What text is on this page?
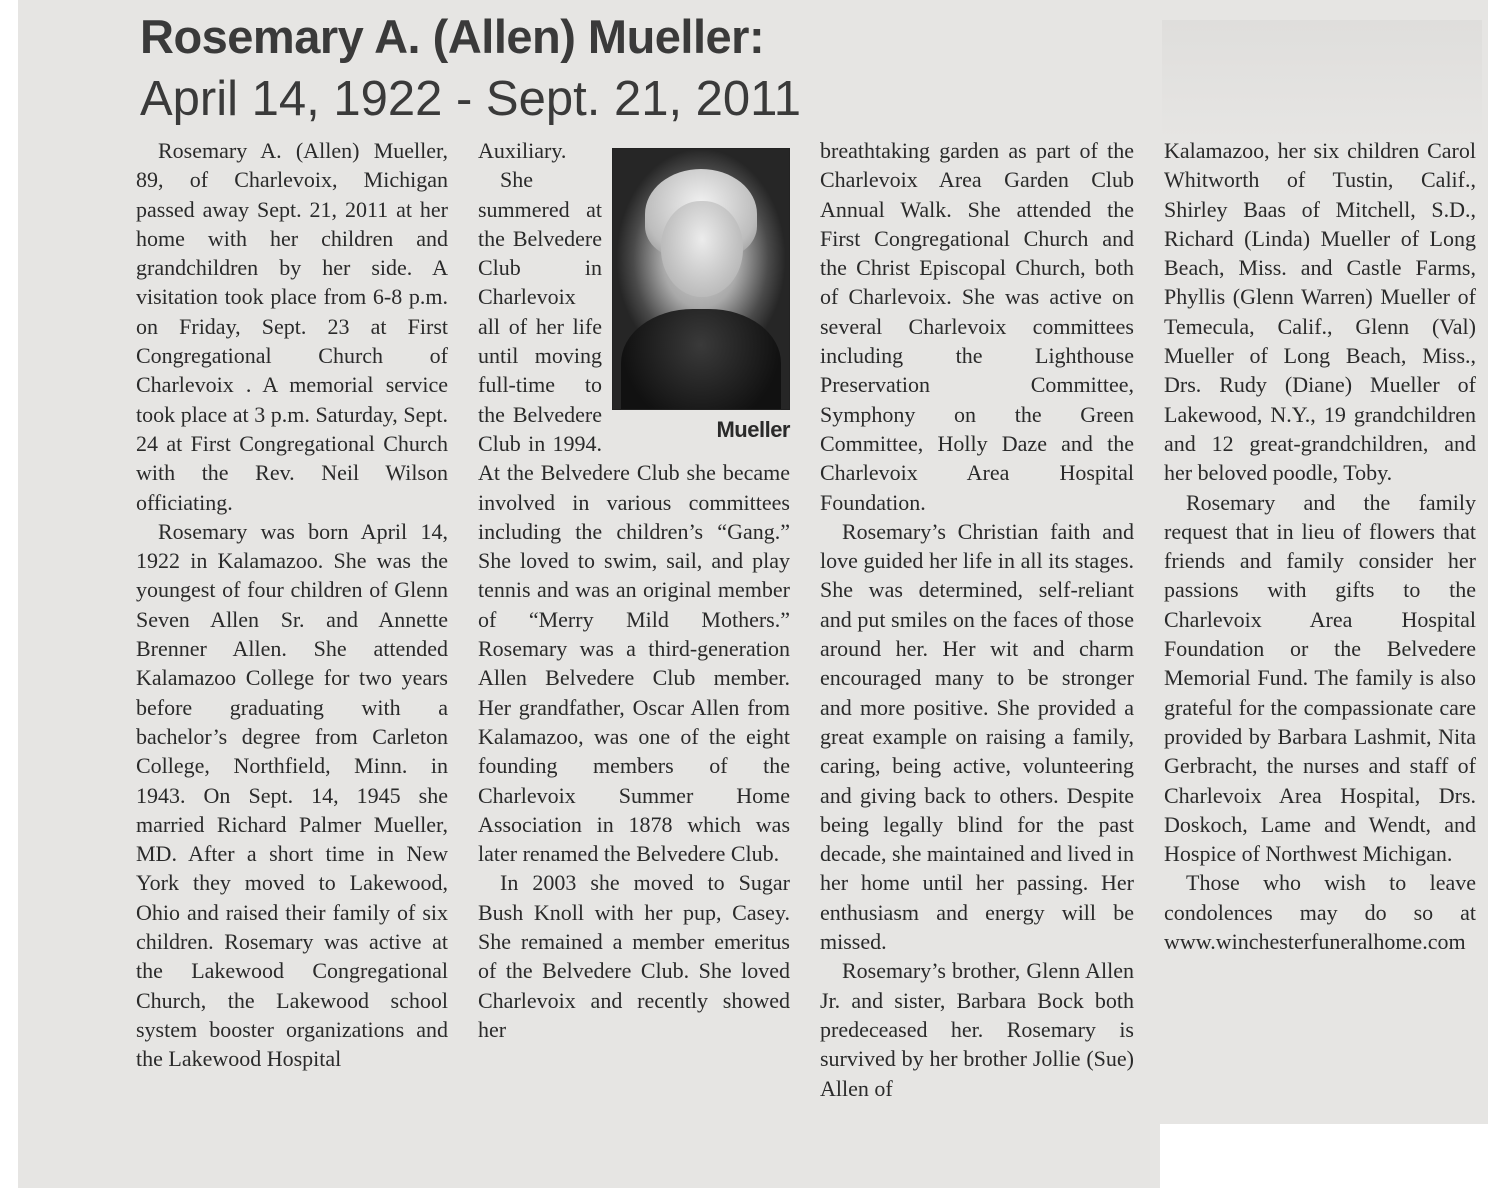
Rosemary A. (Allen) Mueller:
April 14, 1922 - Sept. 21, 2011

Rosemary A. (Allen) Mueller, 89, of Charlevoix, Michigan passed away Sept. 21, 2011 at her home with her children and grandchildren by her side. A visitation took place from 6-8 p.m. on Friday, Sept. 23 at First Congregational Church of Charlevoix . A memorial service took place at 3 p.m. Saturday, Sept. 24 at First Congregational Church with the Rev. Neil Wilson officiating.

Rosemary was born April 14, 1922 in Kalamazoo. She was the youngest of four children of Glenn Seven Allen Sr. and Annette Brenner Allen. She attended Kalamazoo College for two years before graduating with a bachelor’s degree from Carleton College, Northfield, Minn. in 1943. On Sept. 14, 1945 she married Richard Palmer Mueller, MD. After a short time in New York they moved to Lakewood, Ohio and raised their family of six children. Rosemary was active at the Lakewood Congregational Church, the Lakewood school system booster organizations and the Lakewood Hospital

Mueller

Auxiliary.

She summered at the Belvedere Club in Charlevoix all of her life until moving full-time to the Belvedere Club in 1994. At the Belvedere Club she became involved in various committees including the children’s “Gang.” She loved to swim, sail, and play tennis and was an original member of “Merry Mild Mothers.” Rosemary was a third-generation Allen Belvedere Club member. Her grandfather, Oscar Allen from Kalamazoo, was one of the eight founding members of the Charlevoix Summer Home Association in 1878 which was later renamed the Belvedere Club.

In 2003 she moved to Sugar Bush Knoll with her pup, Casey. She remained a member emeritus of the Belvedere Club. She loved Charlevoix and recently showed her

breathtaking garden as part of the Charlevoix Area Garden Club Annual Walk. She attended the First Congregational Church and the Christ Episcopal Church, both of Charlevoix. She was active on several Charlevoix committees including the Lighthouse Preservation Committee, Symphony on the Green Committee, Holly Daze and the Charlevoix Area Hospital Foundation.

Rosemary’s Christian faith and love guided her life in all its stages. She was determined, self-reliant and put smiles on the faces of those around her. Her wit and charm encouraged many to be stronger and more positive. She provided a great example on raising a family, caring, being active, volunteering and giving back to others. Despite being legally blind for the past decade, she maintained and lived in her home until her passing. Her enthusiasm and energy will be missed.

Rosemary’s brother, Glenn Allen Jr. and sister, Barbara Bock both predeceased her. Rosemary is survived by her brother Jollie (Sue) Allen of

Kalamazoo, her six children Carol Whitworth of Tustin, Calif., Shirley Baas of Mitchell, S.D., Richard (Linda) Mueller of Long Beach, Miss. and Castle Farms, Phyllis (Glenn Warren) Mueller of Temecula, Calif., Glenn (Val) Mueller of Long Beach, Miss., Drs. Rudy (Diane) Mueller of Lakewood, N.Y., 19 grandchildren and 12 great-grandchildren, and her beloved poodle, Toby.

Rosemary and the family request that in lieu of flowers that friends and family consider her passions with gifts to the Charlevoix Area Hospital Foundation or the Belvedere Memorial Fund. The family is also grateful for the compassionate care provided by Barbara Lashmit, Nita Gerbracht, the nurses and staff of Charlevoix Area Hospital, Drs. Doskoch, Lame and Wendt, and Hospice of Northwest Michigan.

Those who wish to leave condolences may do so at www.winchesterfuneralhome.com
